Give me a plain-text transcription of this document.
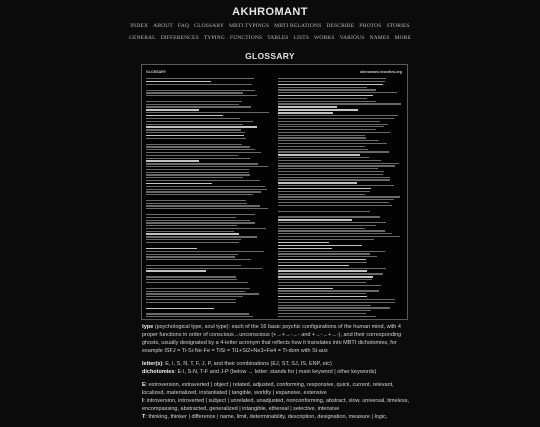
AKHROMANT
INDEX ABOUT FAQ GLOSSARY MBTI TYPINGS MBTI RELATIONS DESCRIBE PHOTOS STORIES
GENERAL DIFFERENCES TYPING FUNCTIONS TABLES LISTS WORKS VARIOUS NAMES MORE
GLOSSARY
GLOSSARY	akhromant.neocities.org

type (psychological type, soul type): each of the 16 basic psychic configurations of the human mind, with 4 proper functions in order of conscious→unconscious (+→+→-→- and +→-→+→-), and their corresponding ghosts, usually designated by a 4-letter acronym that reflects how it translates into MBTI dichotomies, for example ISFJ = Ti-Si-Ne-Fe = TiSi = Ti1+Si2+Ne3+Fe4 = Ti-dom with Si-aux

letter(s): E, I, S, N, T, F, J, P, and their combinations (EJ, ST, SJ, IS, ENP, etc)
dichotomies: E-I, S-N, T-F and J-P (below → letter: stands for | main keyword | other keywords)

E: extroversion, extraverted | object | related, adjusted, conforming, responsive, quick, current, relevant, localized, materialized, instantiated | tangible, worldly | expansive, extensive
I: introversion, introverted | subject | unrelated, unadjusted, nonconforming, abstract, slow, universal, timeless, encompassing, abstracted, generalized | intangible, ethereal | selective, intensive
T: thinking, thinker | difference | name, limit, determinability, description, designation, measure | logic,
